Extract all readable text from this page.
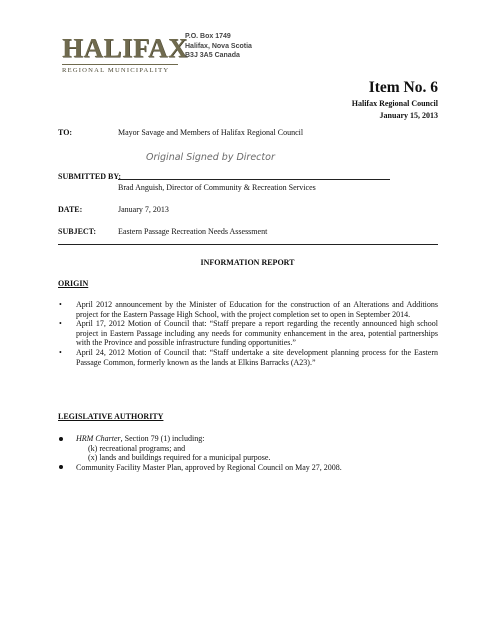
HALIFAX
REGIONAL MUNICIPALITY
P.O. Box 1749
Halifax, Nova Scotia
B3J 3A5 Canada
Item No. 6
Halifax Regional Council
January 15, 2013
TO:	Mayor Savage and Members of Halifax Regional Council
Original Signed by Director
SUBMITTED BY:
Brad Anguish, Director of Community & Recreation Services
DATE:	January 7, 2013
SUBJECT:	Eastern Passage Recreation Needs Assessment
INFORMATION REPORT
ORIGIN
• April 2012 announcement by the Minister of Education for the construction of an Alterations and Additions project for the Eastern Passage High School, with the project completion set to open in September 2014.
• April 17, 2012 Motion of Council that: “Staff prepare a report regarding the recently announced high school project in Eastern Passage including any needs for community enhancement in the area, potential partnerships with the Province and possible infrastructure funding opportunities.”
• April 24, 2012 Motion of Council that: “Staff undertake a site development planning process for the Eastern Passage Common, formerly known as the lands at Elkins Barracks (A23).”
LEGISLATIVE AUTHORITY
HRM Charter, Section 79 (1) including:
(k) recreational programs; and
(x) lands and buildings required for a municipal purpose.
Community Facility Master Plan, approved by Regional Council on May 27, 2008.
